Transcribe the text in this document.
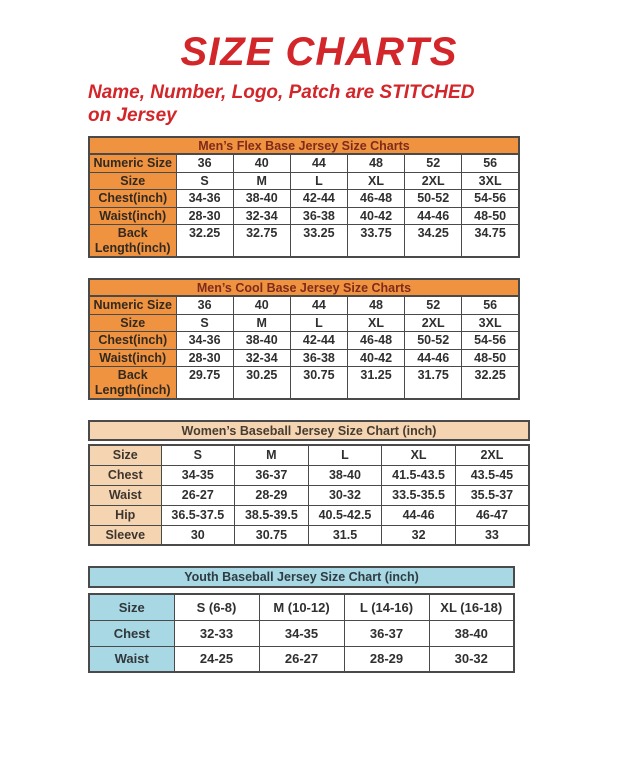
SIZE CHARTS

Name, Number, Logo, Patch are STITCHED
on Jersey

Men’s Flex Base Jersey Size Charts
Numeric Size	36	40	44	48	52	56
Size	S	M	L	XL	2XL	3XL
Chest(inch)	34-36	38-40	42-44	46-48	50-52	54-56
Waist(inch)	28-30	32-34	36-38	40-42	44-46	48-50
Back Length(inch)	32.25	32.75	33.25	33.75	34.25	34.75
Men’s Cool Base Jersey Size Charts
Numeric Size	36	40	44	48	52	56
Size	S	M	L	XL	2XL	3XL
Chest(inch)	34-36	38-40	42-44	46-48	50-52	54-56
Waist(inch)	28-30	32-34	36-38	40-42	44-46	48-50
Back Length(inch)	29.75	30.25	30.75	31.25	31.75	32.25
Women’s Baseball Jersey Size Chart (inch)
Size	S	M	L	XL	2XL
Chest	34-35	36-37	38-40	41.5-43.5	43.5-45
Waist	26-27	28-29	30-32	33.5-35.5	35.5-37
Hip	36.5-37.5	38.5-39.5	40.5-42.5	44-46	46-47
Sleeve	30	30.75	31.5	32	33
Youth Baseball Jersey Size Chart (inch)
Size	S (6-8)	M (10-12)	L (14-16)	XL (16-18)
Chest	32-33	34-35	36-37	38-40
Waist	24-25	26-27	28-29	30-32
